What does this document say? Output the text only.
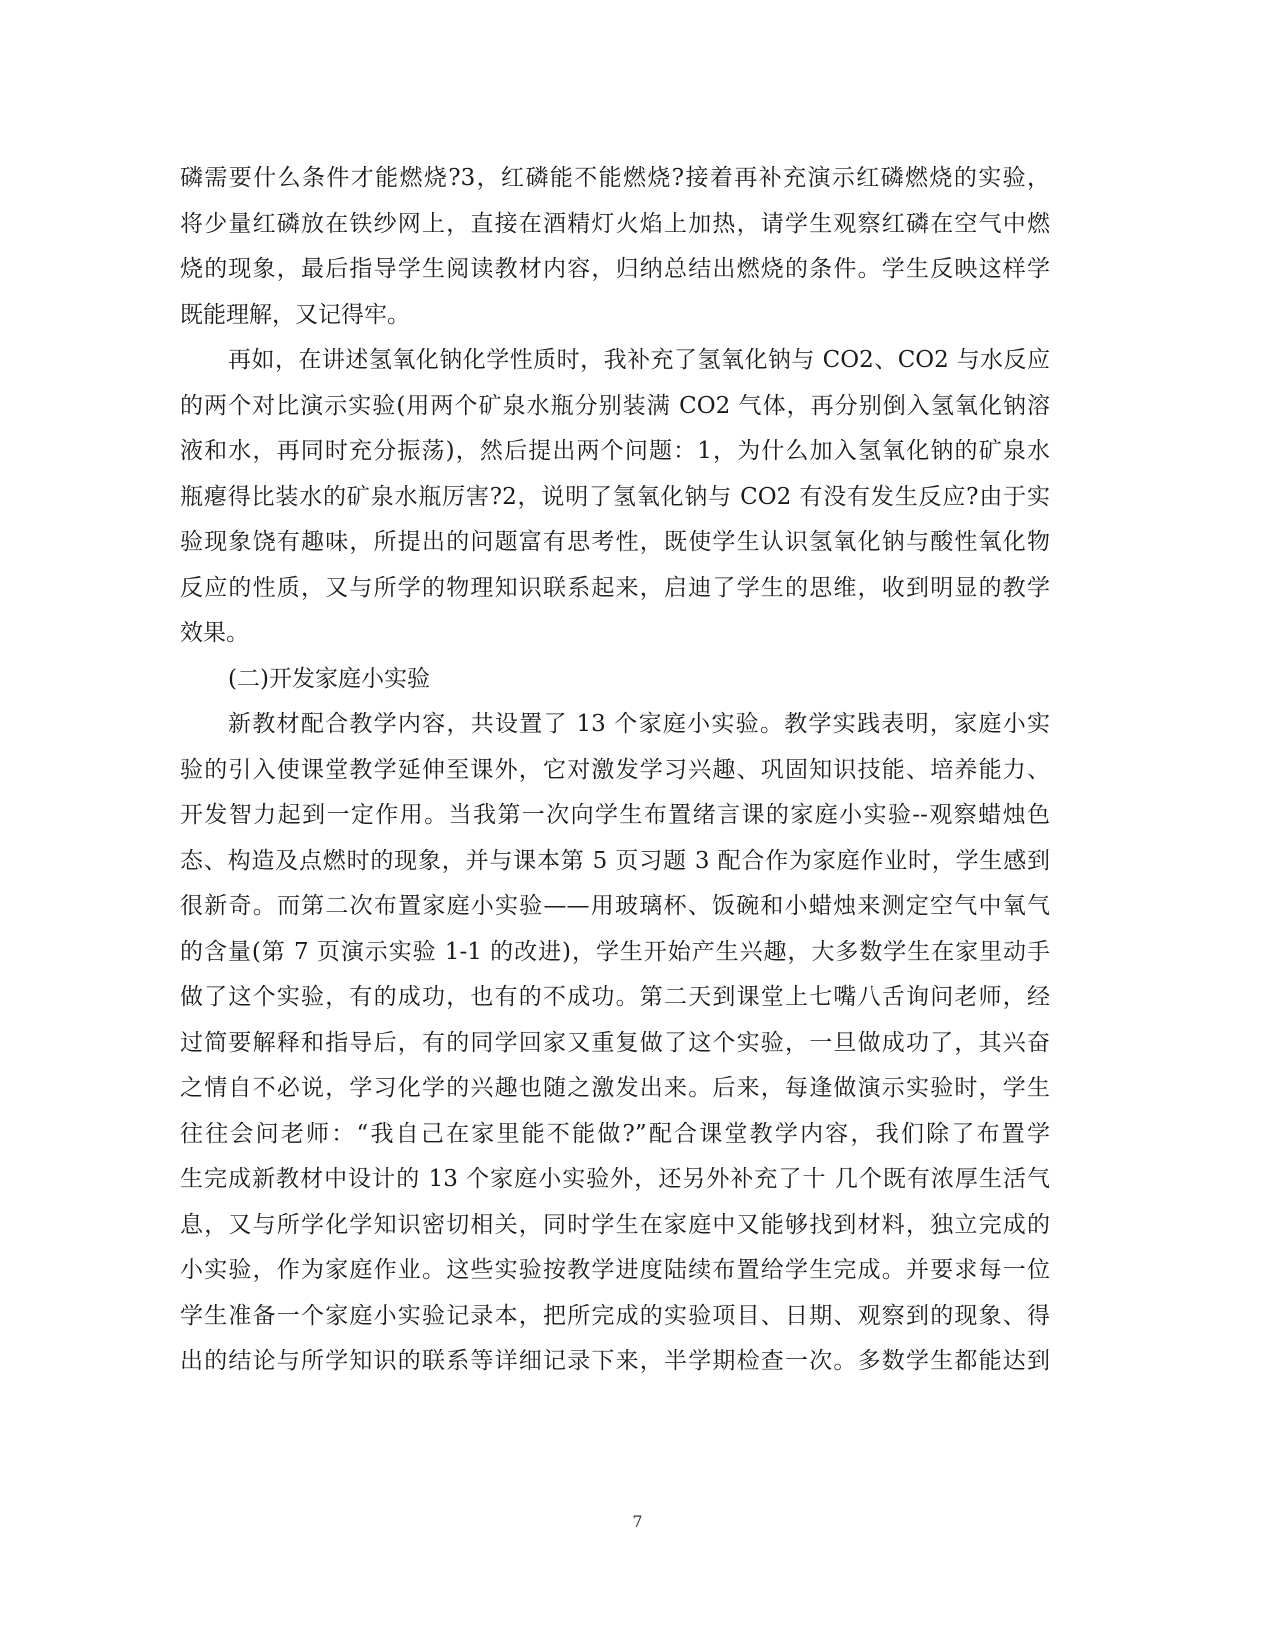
磷需要什么条件才能燃烧?3，红磷能不能燃烧?接着再补充演示红磷燃烧的实验，
将少量红磷放在铁纱网上，直接在酒精灯火焰上加热，请学生观察红磷在空气中燃
烧的现象，最后指导学生阅读教材内容，归纳总结出燃烧的条件。学生反映这样学
既能理解，又记得牢。
再如，在讲述氢氧化钠化学性质时，我补充了氢氧化钠与 CO2、CO2 与水反应
的两个对比演示实验(用两个矿泉水瓶分别装满 CO2 气体，再分别倒入氢氧化钠溶
液和水，再同时充分振荡)，然后提出两个问题：1，为什么加入氢氧化钠的矿泉水
瓶瘪得比装水的矿泉水瓶厉害?2，说明了氢氧化钠与 CO2 有没有发生反应?由于实
验现象饶有趣味，所提出的问题富有思考性，既使学生认识氢氧化钠与酸性氧化物
反应的性质，又与所学的物理知识联系起来，启迪了学生的思维，收到明显的教学
效果。
(二)开发家庭小实验
新教材配合教学内容，共设置了 13 个家庭小实验。教学实践表明，家庭小实
验的引入使课堂教学延伸至课外，它对激发学习兴趣、巩固知识技能、培养能力、
开发智力起到一定作用。当我第一次向学生布置绪言课的家庭小实验--观察蜡烛色
态、构造及点燃时的现象，并与课本第 5 页习题 3 配合作为家庭作业时，学生感到
很新奇。而第二次布置家庭小实验——用玻璃杯、饭碗和小蜡烛来测定空气中氧气
的含量(第 7 页演示实验 1-1 的改进)，学生开始产生兴趣，大多数学生在家里动手
做了这个实验，有的成功，也有的不成功。第二天到课堂上七嘴八舌询问老师，经
过简要解释和指导后，有的同学回家又重复做了这个实验，一旦做成功了，其兴奋
之情自不必说，学习化学的兴趣也随之激发出来。后来，每逢做演示实验时，学生
往往会问老师：“我自己在家里能不能做?”配合课堂教学内容，我们除了布置学
生完成新教材中设计的 13 个家庭小实验外，还另外补充了十 几个既有浓厚生活气
息，又与所学化学知识密切相关，同时学生在家庭中又能够找到材料，独立完成的
小实验，作为家庭作业。这些实验按教学进度陆续布置给学生完成。并要求每一位
学生准备一个家庭小实验记录本，把所完成的实验项目、日期、观察到的现象、得
出的结论与所学知识的联系等详细记录下来，半学期检查一次。多数学生都能达到
7
